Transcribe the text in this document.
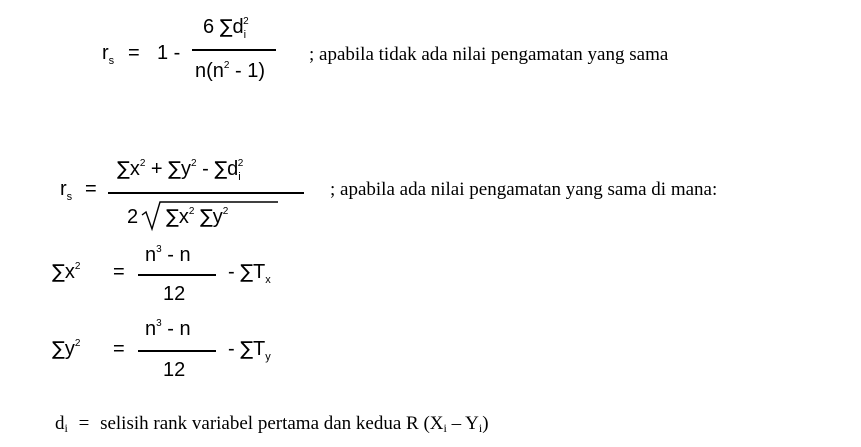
$r_s = 1$ -
6 $\sum d_i^2$
$n(n^2 - 1)$
; apabila tidak ada nilai pengamatan yang sama
$r_s$ =
$\sum x^2 + \sum y^2 - \sum d_i^2$
2 $\sum x^2$ $\sum y^2$
; apabila ada nilai pengamatan yang sama di mana:
$\sum x^2$ =
$n^3$ - n
12
- $\sum T_x$
$\sum y^2$ =
$n^3$ - n
12
- $\sum T_y$
$d_i$ = selisih rank variabel pertama dan kedua R $(X_i - Y_i)$
